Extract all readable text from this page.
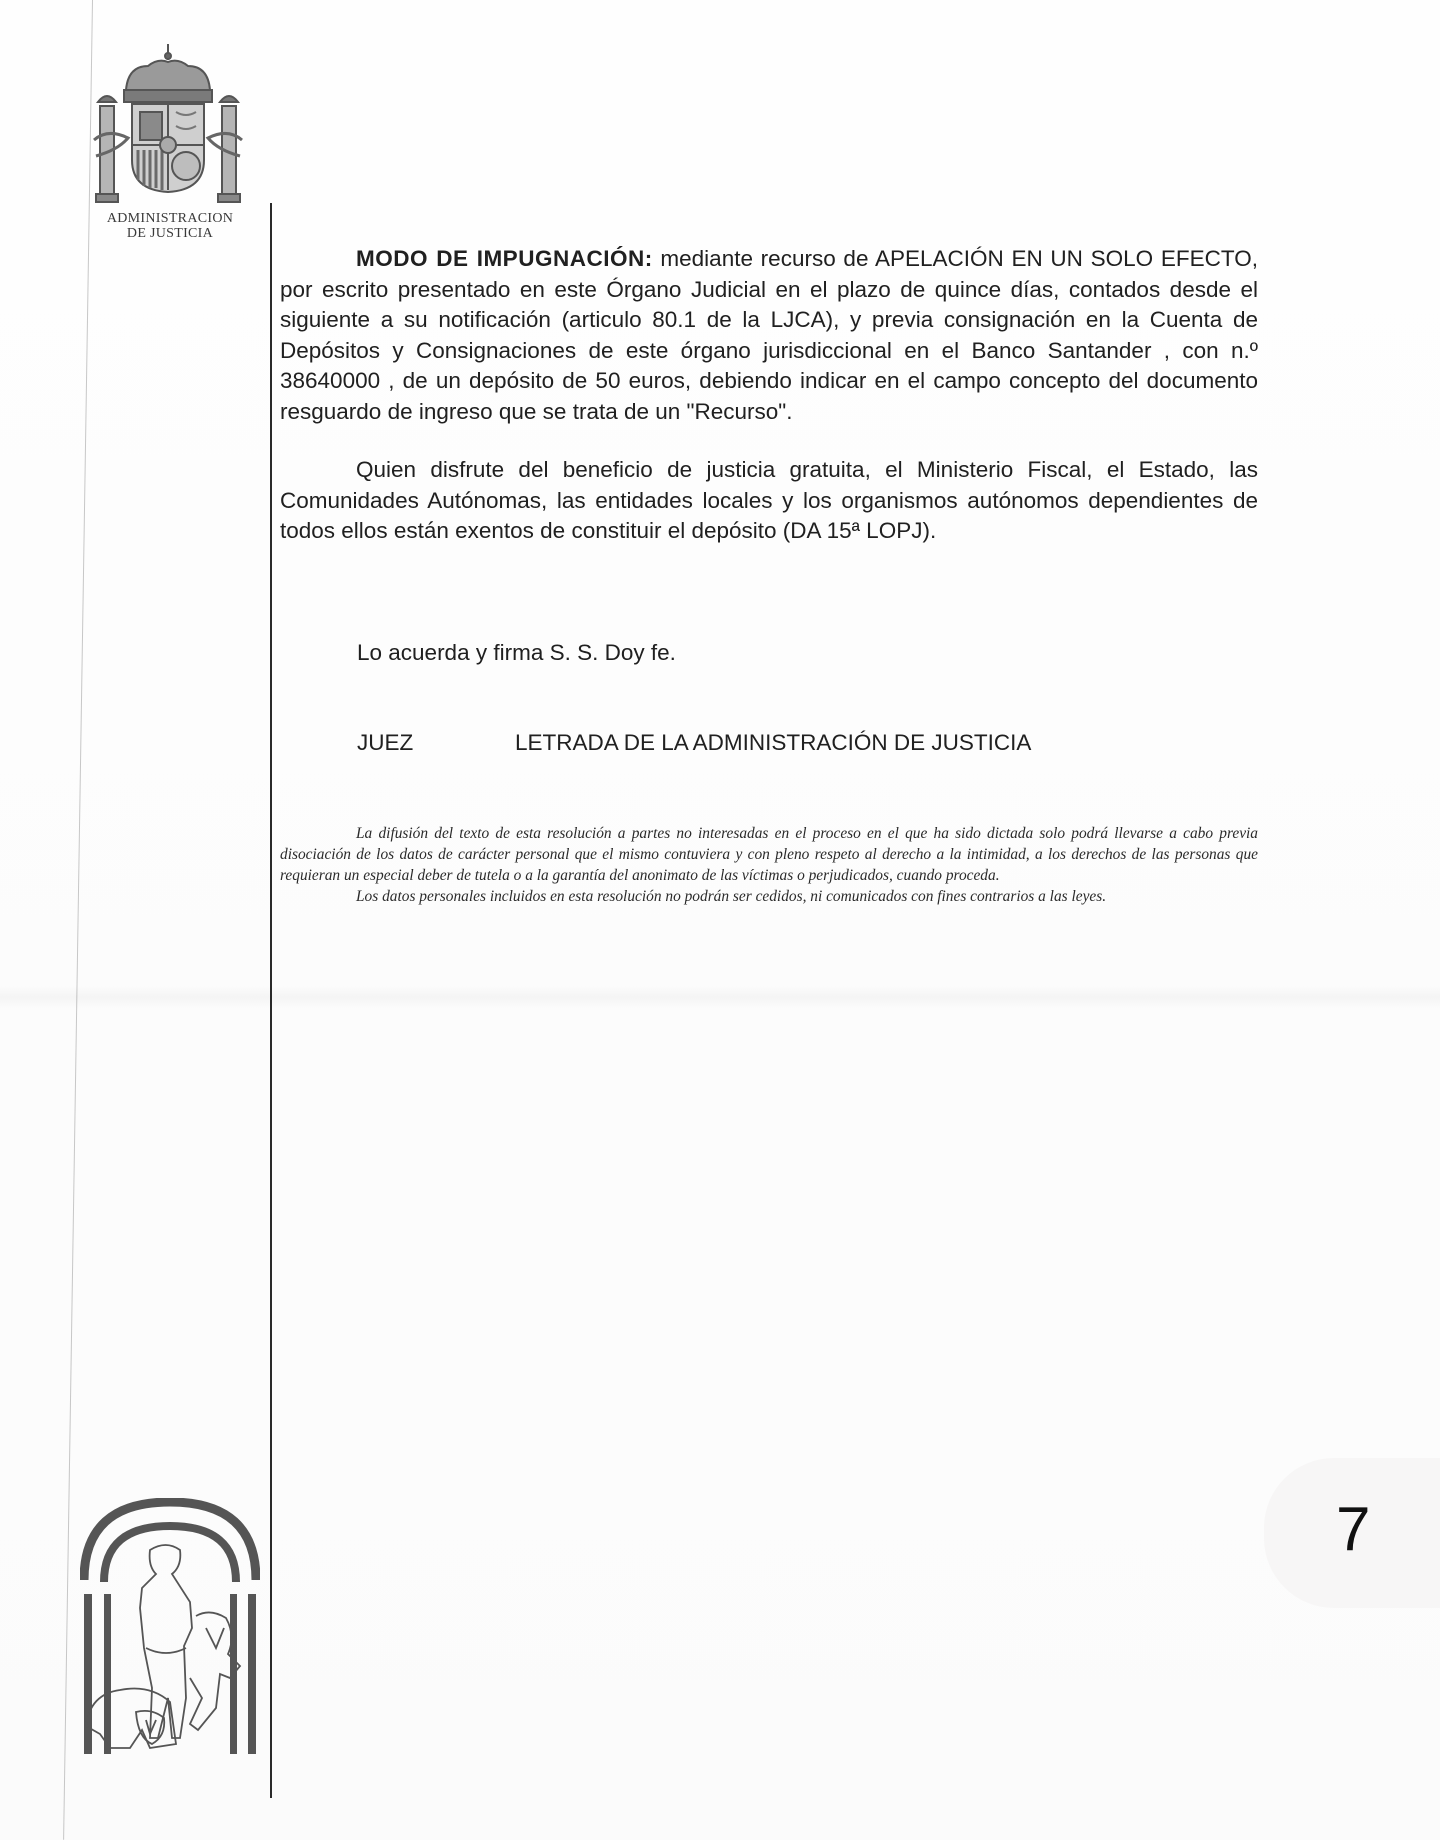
ADMINISTRACION
DE JUSTICIA

MODO DE IMPUGNACIÓN: mediante recurso de APELACIÓN EN UN SOLO EFECTO, por escrito presentado en este Órgano Judicial en el plazo de quince días, contados desde el siguiente a su notificación (articulo 80.1 de la LJCA), y previa consignación en la Cuenta de Depósitos y Consignaciones de este órgano jurisdiccional en el Banco Santander , con n.º 38640000 , de un depósito de 50 euros, debiendo indicar en el campo concepto del documento resguardo de ingreso que se trata de un "Recurso".

Quien disfrute del beneficio de justicia gratuita, el Ministerio Fiscal, el Estado, las Comunidades Autónomas, las entidades locales y los organismos autónomos dependientes de todos ellos están exentos de constituir el depósito (DA 15ª LOPJ).

Lo acuerda y firma S. S. Doy fe.
JUEZ	LETRADA DE LA ADMINISTRACIÓN DE JUSTICIA

La difusión del texto de esta resolución a partes no interesadas en el proceso en el que ha sido dictada solo podrá llevarse a cabo previa disociación de los datos de carácter personal que el mismo contuviera y con pleno respeto al derecho a la intimidad, a los derechos de las personas que requieran un especial deber de tutela o a la garantía del anonimato de las víctimas o perjudicados, cuando proceda.

Los datos personales incluidos en esta resolución no podrán ser cedidos, ni comunicados con fines contrarios a las leyes.

7
